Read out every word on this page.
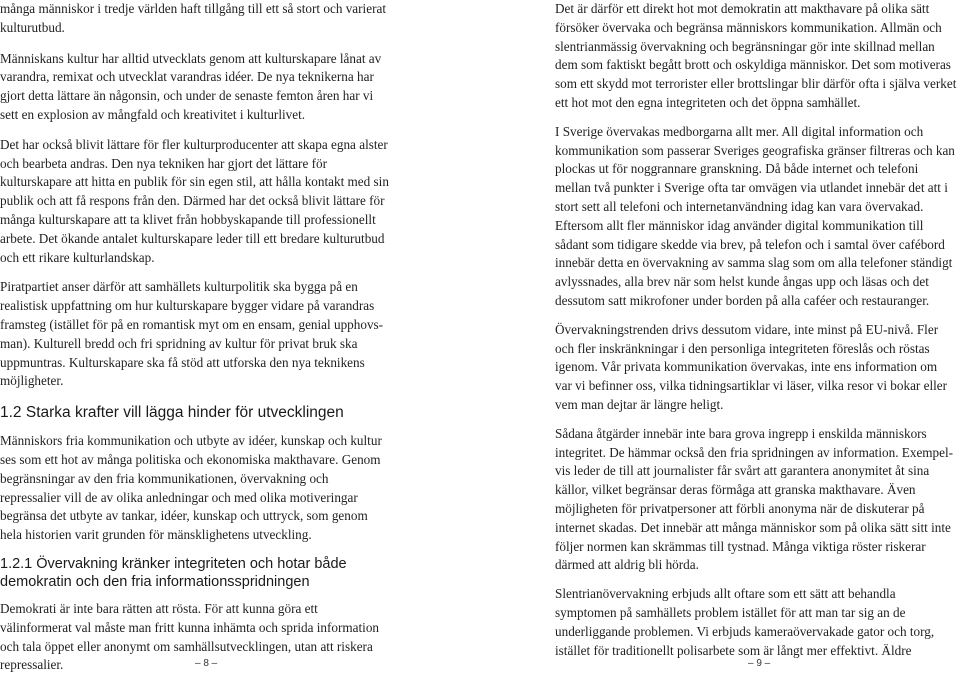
många människor i tredje världen haft tillgång till ett så stort och varierat kulturutbud.

Människans kultur har alltid utvecklats genom att kulturskapare lånat av varandra, remixat och utvecklat varandras idéer. De nya teknikerna har gjort detta lättare än någonsin, och under de senaste femton åren har vi sett en explosion av mångfald och kreativitet i kulturlivet.

Det har också blivit lättare för fler kulturproducenter att skapa egna alster och bearbeta andras. Den nya tekniken har gjort det lättare för kulturskapare att hitta en publik för sin egen stil, att hålla kontakt med sin publik och att få respons från den. Därmed har det också blivit lättare för många kulturskapare att ta klivet från hobbyskapande till professionellt arbete. Det ökande antalet kulturskapare leder till ett bredare kulturutbud och ett rikare kulturlandskap.

Piratpartiet anser därför att samhällets kulturpolitik ska bygga på en realistisk uppfattning om hur kulturskapare bygger vidare på varandras framsteg (istället för på en romantisk myt om en ensam, genial upphovs-man). Kulturell bredd och fri spridning av kultur för privat bruk ska uppmuntras. Kulturskapare ska få stöd att utforska den nya teknikens möjligheter.

1.2 Starka krafter vill lägga hinder för utvecklingen

Människors fria kommunikation och utbyte av idéer, kunskap och kultur ses som ett hot av många politiska och ekonomiska makthavare. Genom begränsningar av den fria kommunikationen, övervakning och repressalier vill de av olika anledningar och med olika motiveringar begränsa det utbyte av tankar, idéer, kunskap och uttryck, som genom hela historien varit grunden för mänsklighetens utveckling.

1.2.1 Övervakning kränker integriteten och hotar både demokratin och den fria informationsspridningen

Demokrati är inte bara rätten att rösta. För att kunna göra ett välinformerat val måste man fritt kunna inhämta och sprida information och tala öppet eller anonymt om samhällsutvecklingen, utan att riskera repressalier.

Det är därför ett direkt hot mot demokratin att makthavare på olika sätt försöker övervaka och begränsa människors kommunikation. Allmän och slentrianmässig övervakning och begränsningar gör inte skillnad mellan dem som faktiskt begått brott och oskyldiga människor. Det som motiveras som ett skydd mot terrorister eller brottslingar blir därför ofta i själva verket ett hot mot den egna integriteten och det öppna samhället.

I Sverige övervakas medborgarna allt mer. All digital information och kommunikation som passerar Sveriges geografiska gränser filtreras och kan plockas ut för noggrannare granskning. Då både internet och telefoni mellan två punkter i Sverige ofta tar omvägen via utlandet innebär det att i stort sett all telefoni och internetanvändning idag kan vara övervakad. Eftersom allt fler människor idag använder digital kommunikation till sådant som tidigare skedde via brev, på telefon och i samtal över cafébord innebär detta en övervakning av samma slag som om alla telefoner ständigt avlyssnades, alla brev när som helst kunde ångas upp och läsas och det dessutom satt mikrofoner under borden på alla caféer och restauranger.

Övervakningstrenden drivs dessutom vidare, inte minst på EU-nivå. Fler och fler inskränkningar i den personliga integriteten föreslås och röstas igenom. Vår privata kommunikation övervakas, inte ens information om var vi befinner oss, vilka tidningsartiklar vi läser, vilka resor vi bokar eller vem man dejtar är längre heligt.

Sådana åtgärder innebär inte bara grova ingrepp i enskilda människors integritet. De hämmar också den fria spridningen av information. Exempel-vis leder de till att journalister får svårt att garantera anonymitet åt sina källor, vilket begränsar deras förmåga att granska makthavare. Även möjligheten för privatpersoner att förbli anonyma när de diskuterar på internet skadas. Det innebär att många människor som på olika sätt sitt inte följer normen kan skrämmas till tystnad. Många viktiga röster riskerar därmed att aldrig bli hörda.

Slentrianövervakning erbjuds allt oftare som ett sätt att behandla symptomen på samhällets problem istället för att man tar sig an de underliggande problemen. Vi erbjuds kameraövervakade gator och torg, istället för traditionellt polisarbete som är långt mer effektivt. Äldre

– 8 –	– 9 –
